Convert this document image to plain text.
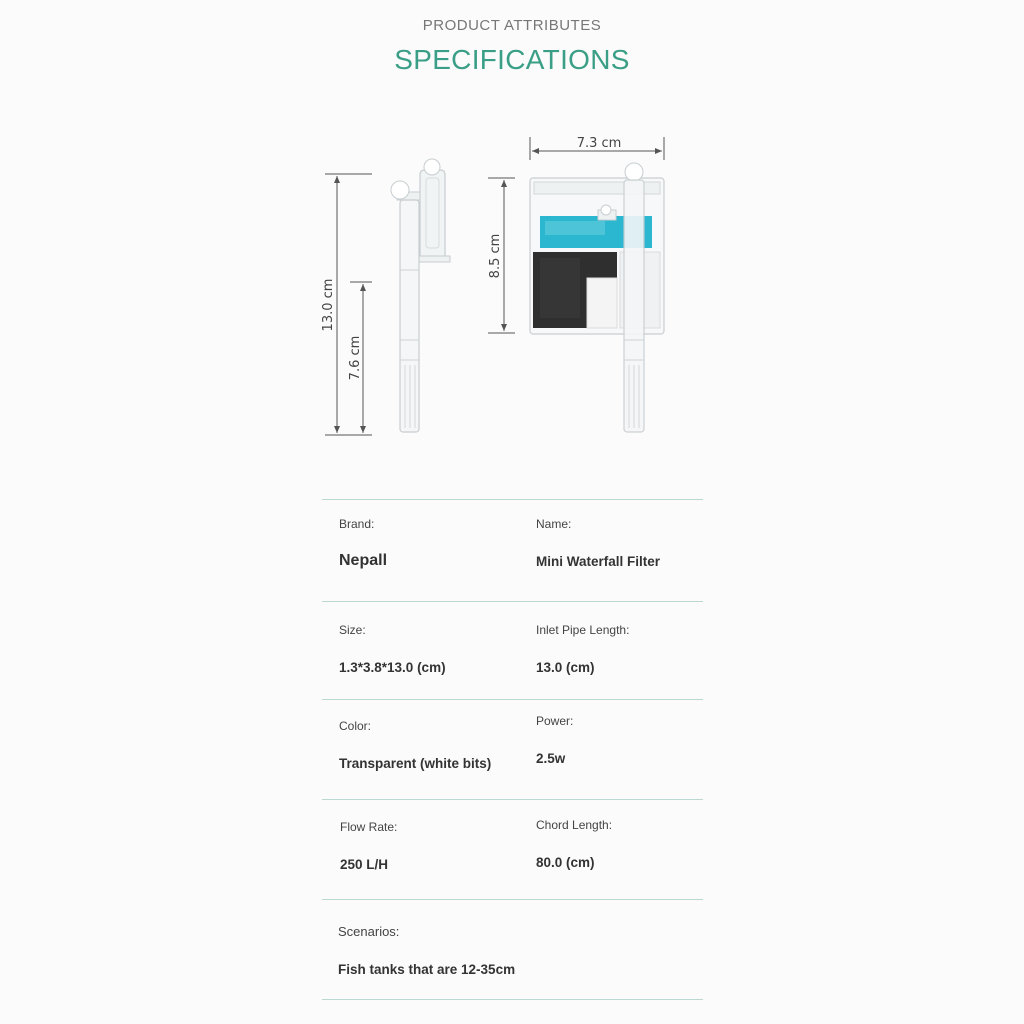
PRODUCT ATTRIBUTES
SPECIFICATIONS
13.0 cm
7.6 cm
7.3 cm
8.5 cm
Brand:
Nepall
Name:
Mini Waterfall Filter
Size:
1.3*3.8*13.0 (cm)
Inlet Pipe Length:
13.0 (cm)
Color:
Transparent (white bits)
Power:
2.5w
Flow Rate:
250 L/H
Chord Length:
80.0 (cm)
Scenarios:
Fish tanks that are 12-35cm
